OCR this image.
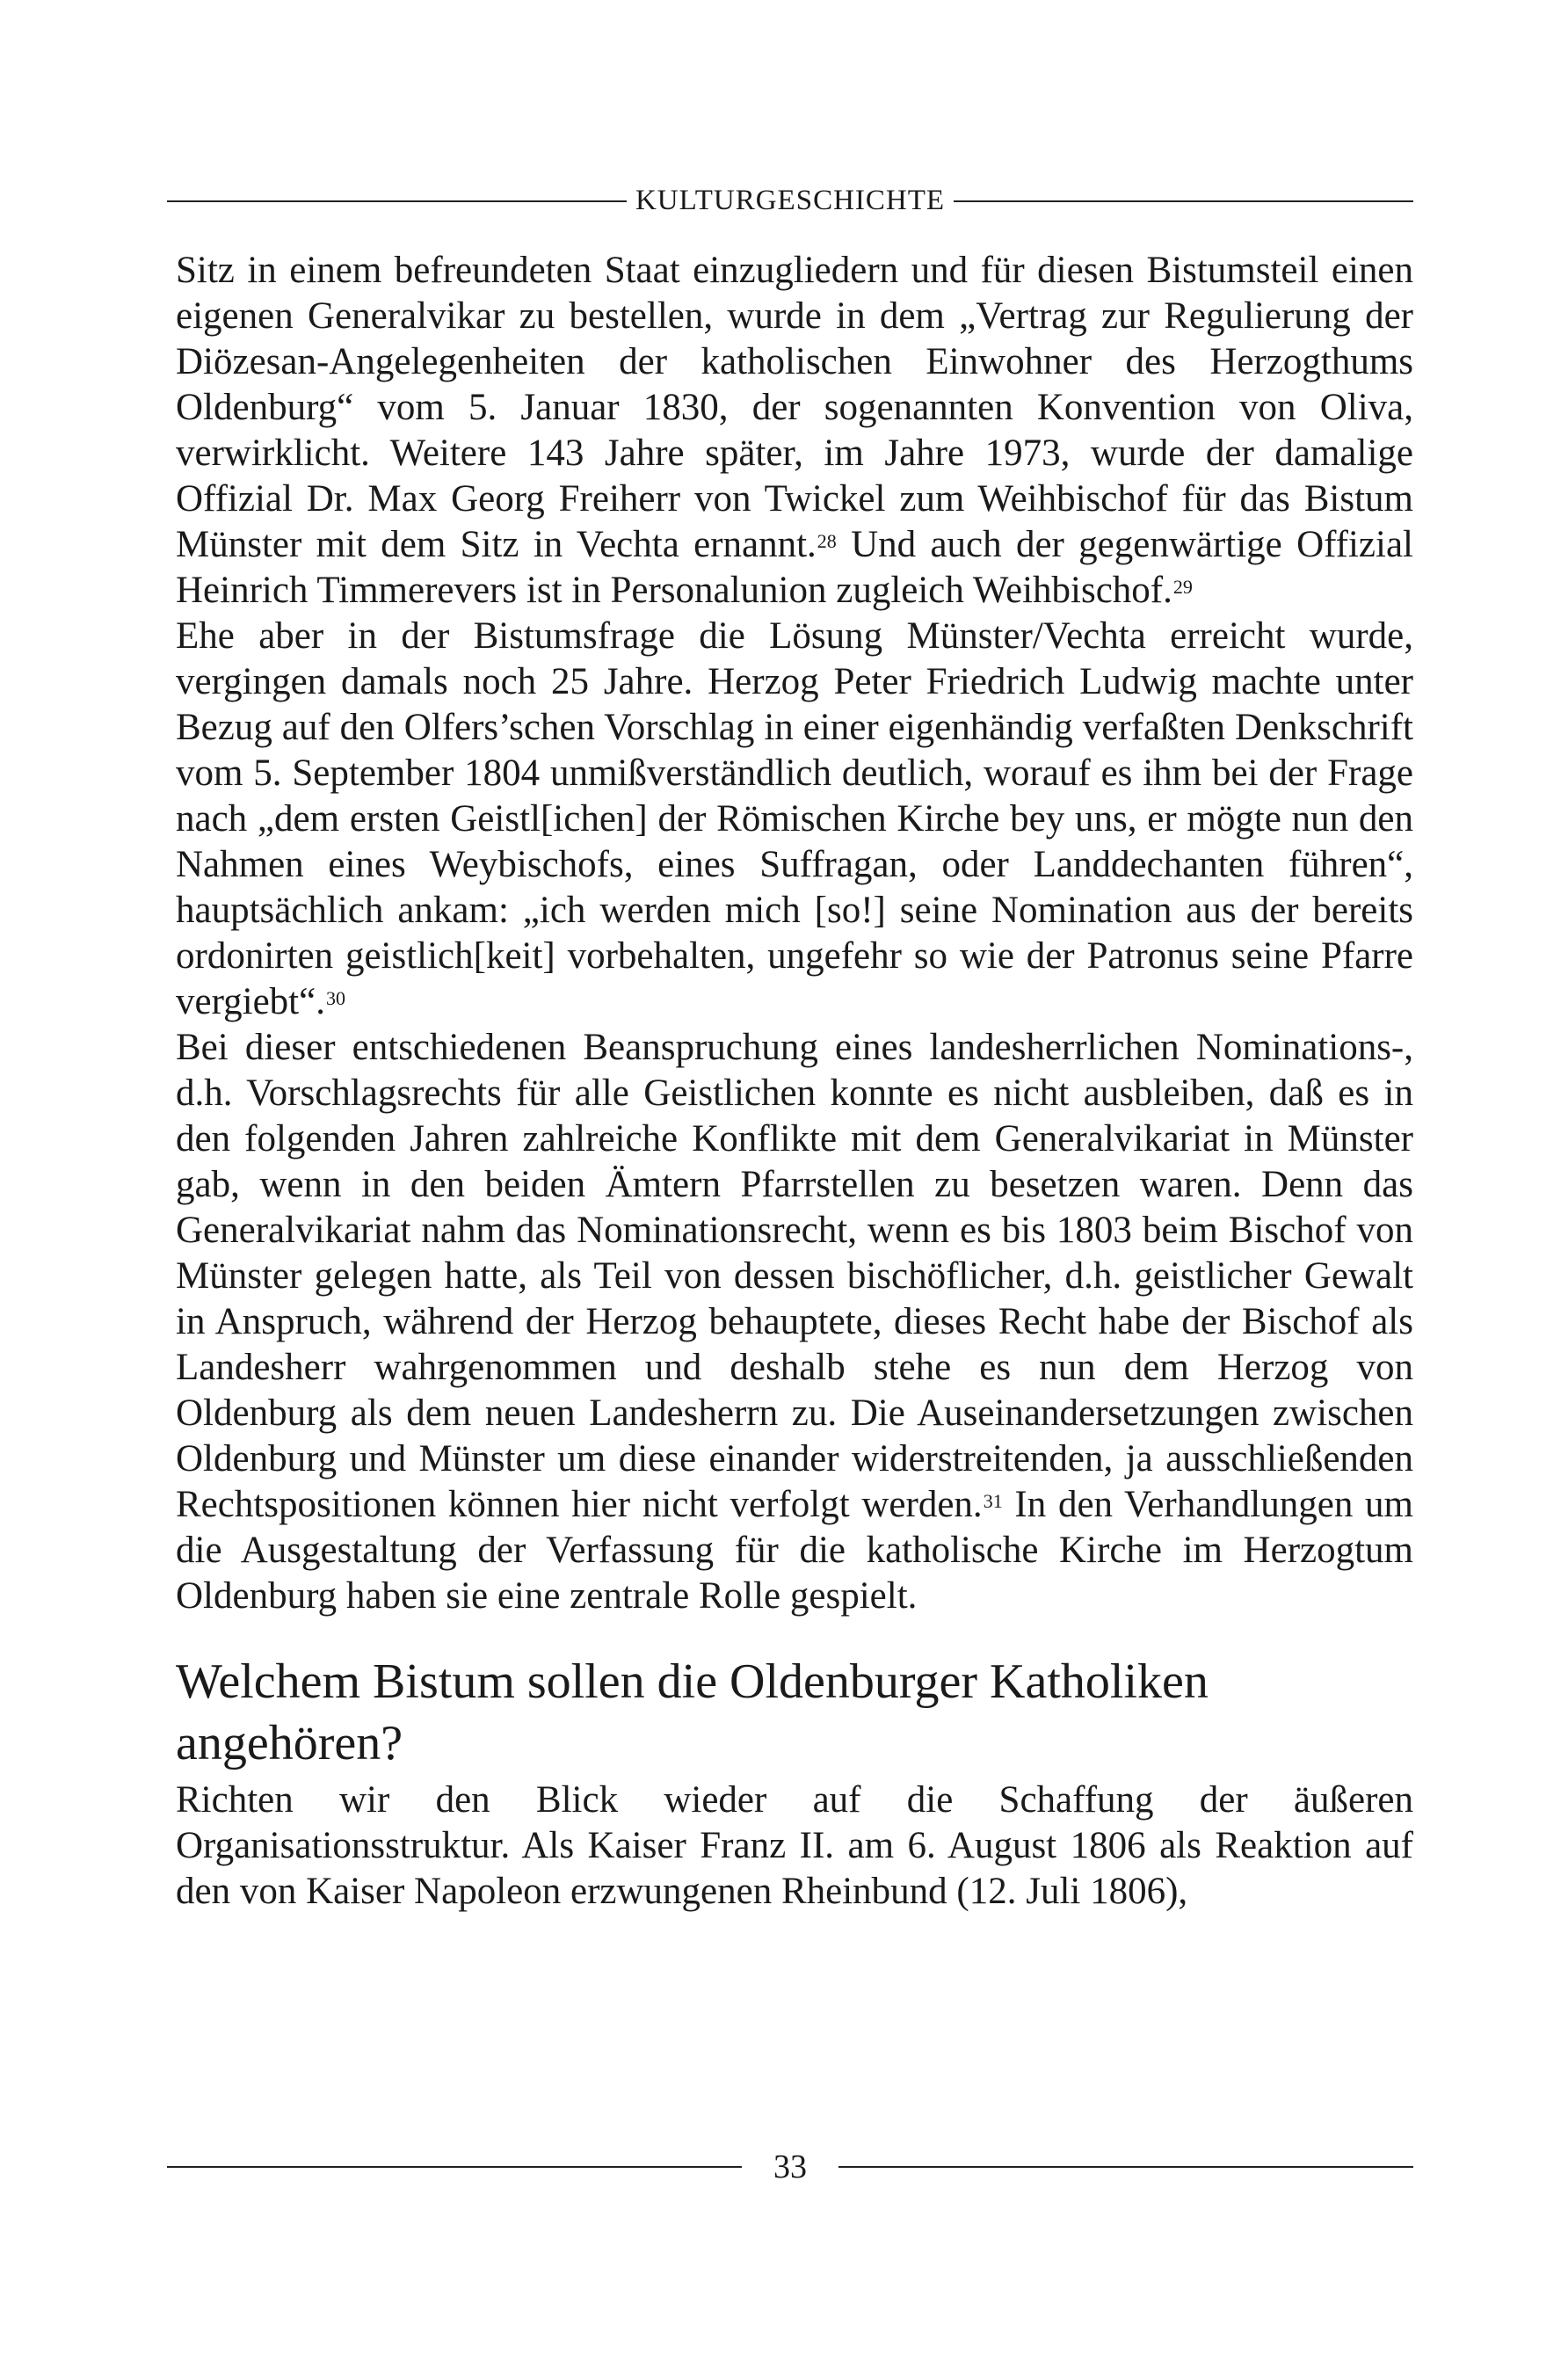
KULTURGESCHICHTE

Sitz in einem befreundeten Staat einzugliedern und für diesen Bistumsteil einen eigenen Generalvikar zu bestellen, wurde in dem „Vertrag zur Regulierung der Diözesan-Angelegenheiten der katholischen Einwohner des Herzogthums Oldenburg“ vom 5. Januar 1830, der sogenannten Konvention von Oliva, verwirklicht. Weitere 143 Jahre später, im Jahre 1973, wurde der damalige Offizial Dr. Max Georg Freiherr von Twickel zum Weihbischof für das Bistum Münster mit dem Sitz in Vechta ernannt.$^{28}$ Und auch der gegenwärtige Offizial Heinrich Timmerevers ist in Personalunion zugleich Weihbischof.$^{29}$

Ehe aber in der Bistumsfrage die Lösung Münster/Vechta erreicht wurde, vergingen damals noch 25 Jahre. Herzog Peter Friedrich Ludwig machte unter Bezug auf den Olfers’schen Vorschlag in einer eigenhändig verfaßten Denkschrift vom 5. September 1804 unmißverständlich deutlich, worauf es ihm bei der Frage nach „dem ersten Geistl[ichen] der Römischen Kirche bey uns, er mögte nun den Nahmen eines Weybischofs, eines Suffragan, oder Landdechanten führen“, hauptsächlich ankam: „ich werden mich [so!] seine Nomination aus der bereits ordonirten geistlich[keit] vorbehalten, ungefehr so wie der Patronus seine Pfarre vergiebt“.$^{30}$

Bei dieser entschiedenen Beanspruchung eines landesherrlichen Nominations-, d.h. Vorschlagsrechts für alle Geistlichen konnte es nicht ausbleiben, daß es in den folgenden Jahren zahlreiche Konflikte mit dem Generalvikariat in Münster gab, wenn in den beiden Ämtern Pfarrstellen zu besetzen waren. Denn das Generalvikariat nahm das Nominationsrecht, wenn es bis 1803 beim Bischof von Münster gelegen hatte, als Teil von dessen bischöflicher, d.h. geistlicher Gewalt in Anspruch, während der Herzog behauptete, dieses Recht habe der Bischof als Landesherr wahrgenommen und deshalb stehe es nun dem Herzog von Oldenburg als dem neuen Landesherrn zu. Die Auseinandersetzungen zwischen Oldenburg und Münster um diese einander widerstreitenden, ja ausschließenden Rechtspositionen können hier nicht verfolgt werden.$^{31}$ In den Verhandlungen um die Ausgestaltung der Verfassung für die katholische Kirche im Herzogtum Oldenburg haben sie eine zentrale Rolle gespielt.

Welchem Bistum sollen die Oldenburger Katholiken angehören?

Richten wir den Blick wieder auf die Schaffung der äußeren Organisationsstruktur. Als Kaiser Franz II. am 6. August 1806 als Reaktion auf den von Kaiser Napoleon erzwungenen Rheinbund (12. Juli 1806),

33
